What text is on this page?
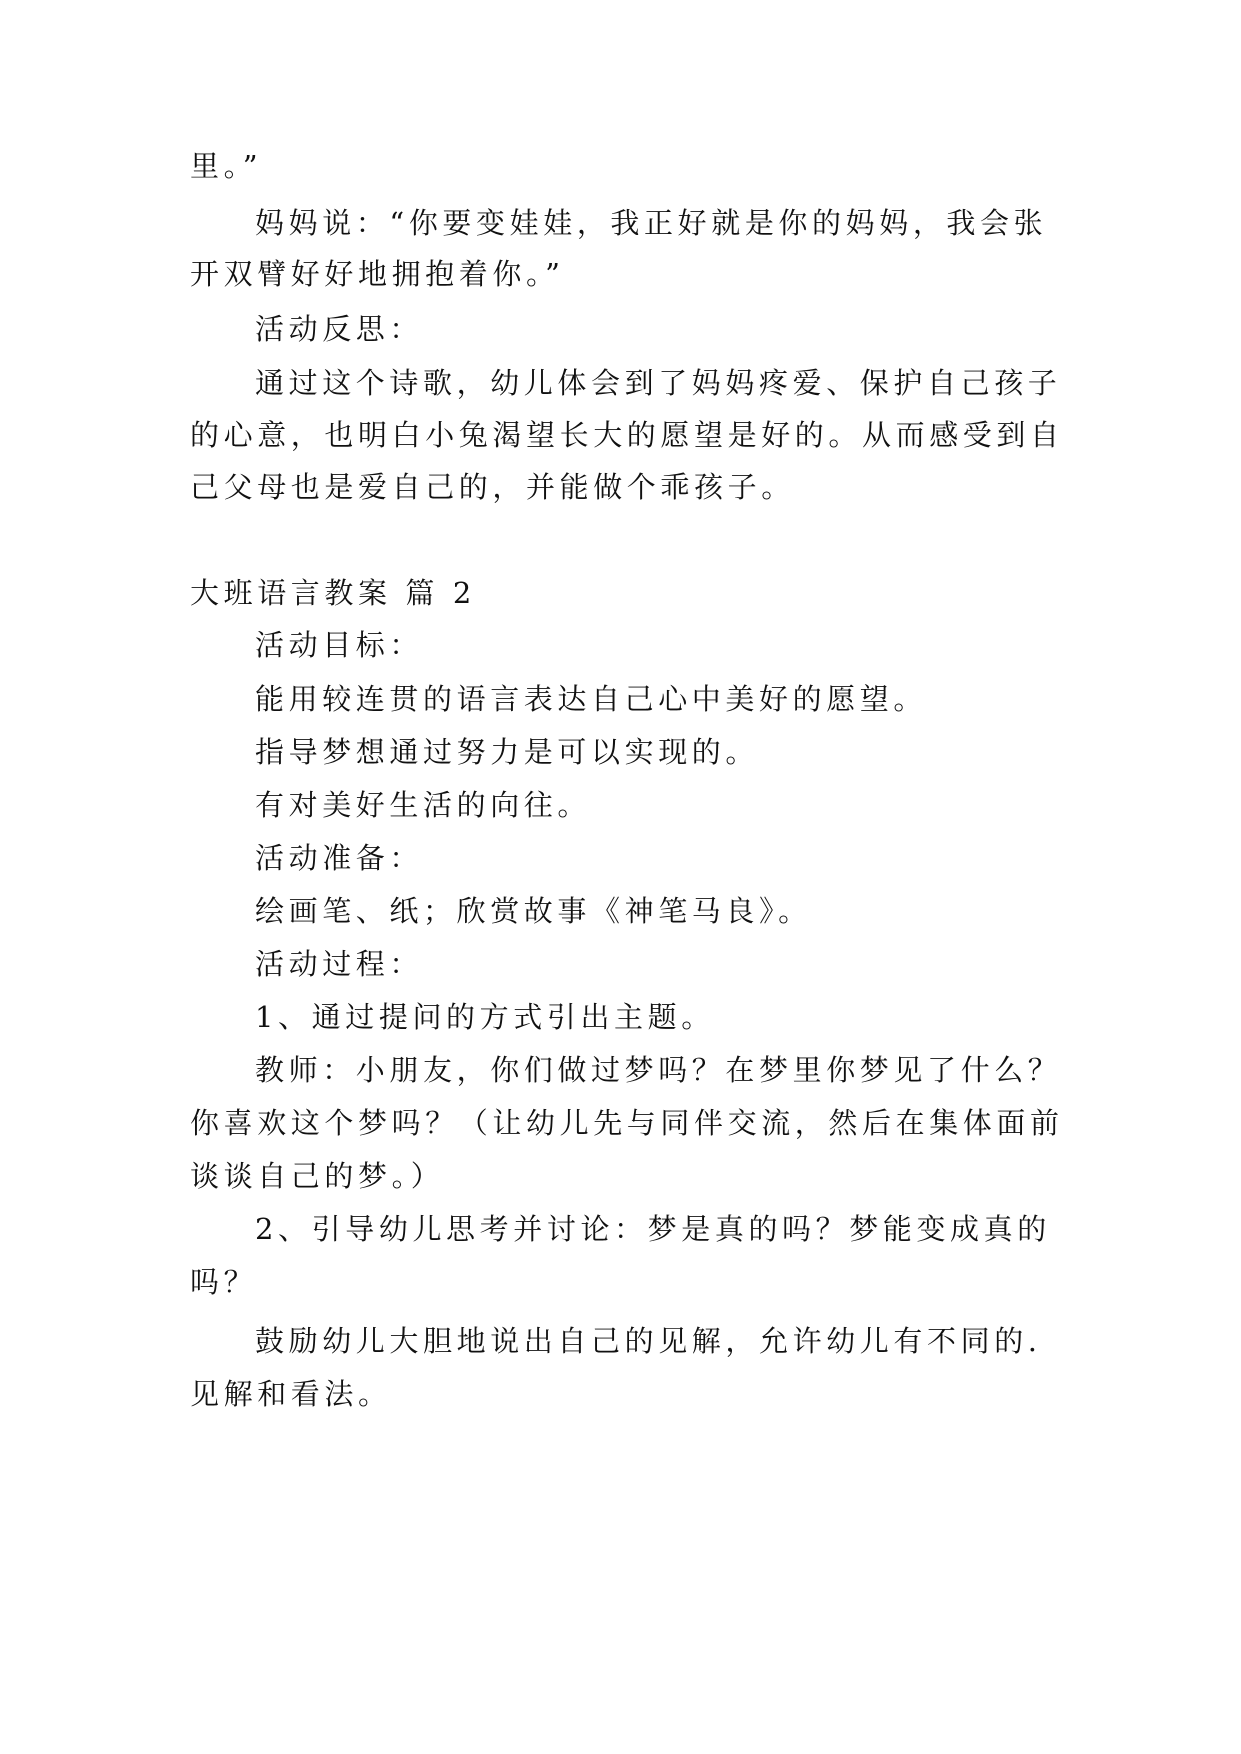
里。”
妈妈说：“你要变娃娃，我正好就是你的妈妈，我会张
开双臂好好地拥抱着你。”
活动反思：
通过这个诗歌，幼儿体会到了妈妈疼爱、保护自己孩子
的心意，也明白小兔渴望长大的愿望是好的。从而感受到自
己父母也是爱自己的，并能做个乖孩子。
大班语言教案 篇 2
活动目标：
能用较连贯的语言表达自己心中美好的愿望。
指导梦想通过努力是可以实现的。
有对美好生活的向往。
活动准备：
绘画笔、纸；欣赏故事《神笔马良》。
活动过程：
1、通过提问的方式引出主题。
教师：小朋友，你们做过梦吗？在梦里你梦见了什么？
你喜欢这个梦吗？（让幼儿先与同伴交流，然后在集体面前
谈谈自己的梦。）
2、引导幼儿思考并讨论：梦是真的吗？梦能变成真的
吗？
鼓励幼儿大胆地说出自己的见解，允许幼儿有不同的.
见解和看法。
